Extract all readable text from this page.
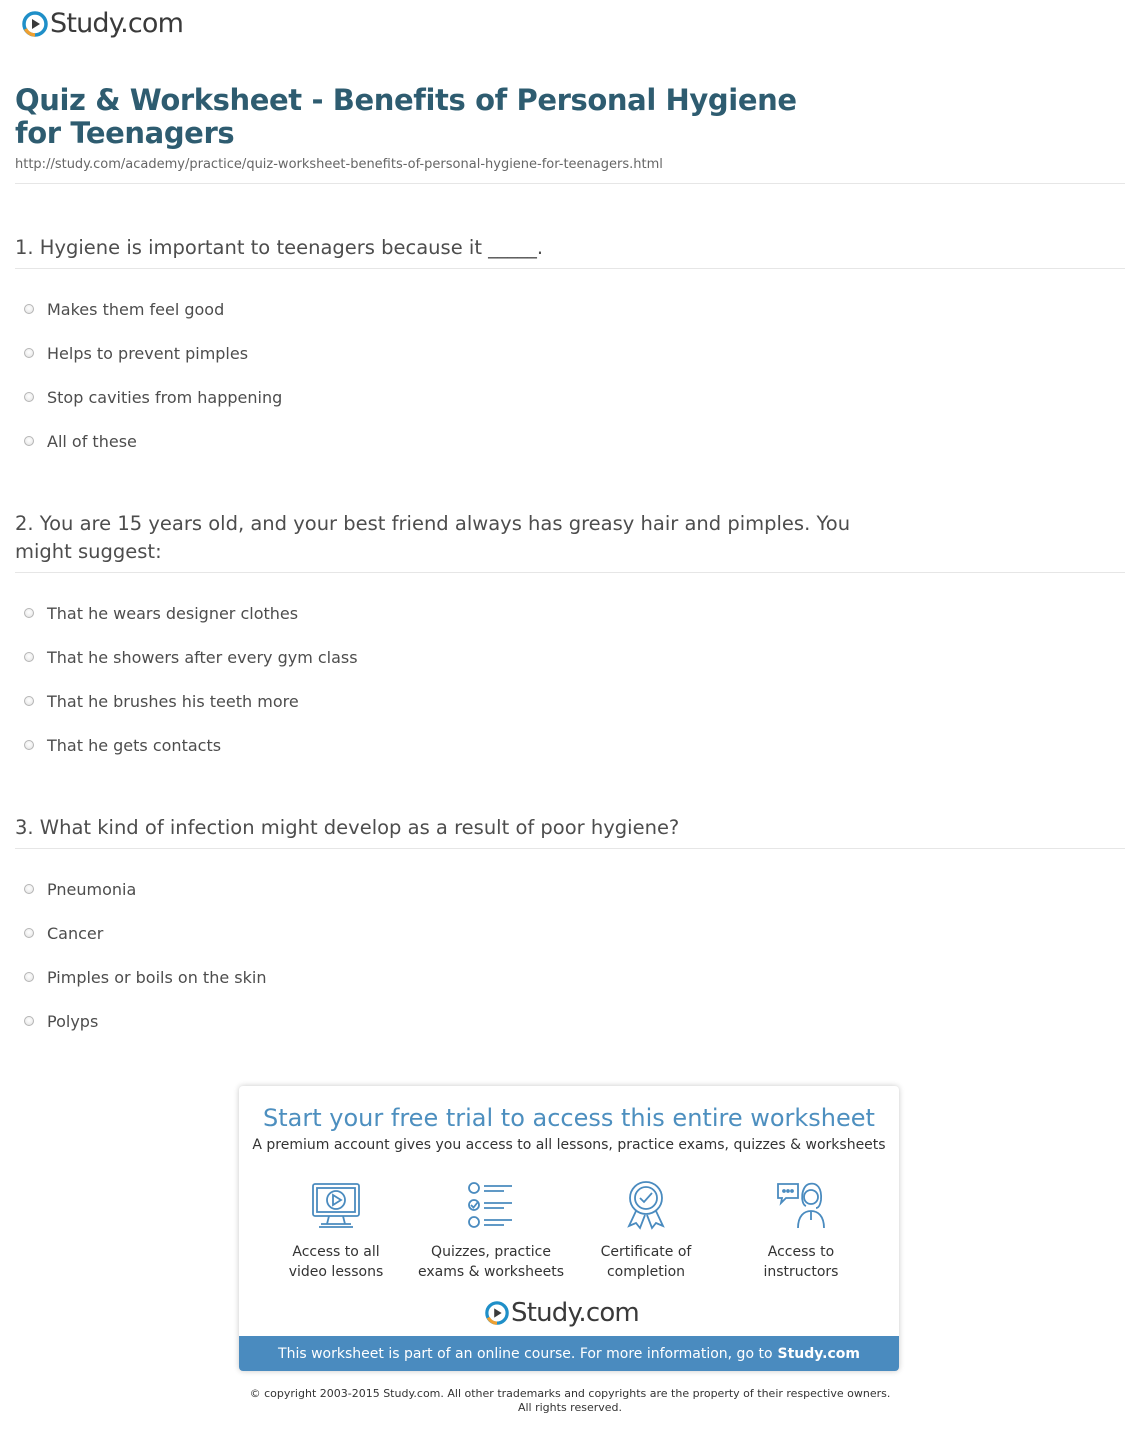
Study.com
Quiz & Worksheet - Benefits of Personal Hygiene for Teenagers
http://study.com/academy/practice/quiz-worksheet-benefits-of-personal-hygiene-for-teenagers.html

1. Hygiene is important to teenagers because it _____.

Makes them feel good
Helps to prevent pimples
Stop cavities from happening
All of these

2. You are 15 years old, and your best friend always has greasy hair and pimples. You might suggest:

That he wears designer clothes
That he showers after every gym class
That he brushes his teeth more
That he gets contacts

3. What kind of infection might develop as a result of poor hygiene?

Pneumonia
Cancer
Pimples or boils on the skin
Polyps
Start your free trial to access this entire worksheet
A premium account gives you access to all lessons, practice exams, quizzes & worksheets
Access to all
video lessons
Quizzes, practice
exams & worksheets
Certificate of
completion
Access to
instructors
Study.com
This worksheet is part of an online course. For more information, go to Study.com
© copyright 2003-2015 Study.com. All other trademarks and copyrights are the property of their respective owners.
All rights reserved.
